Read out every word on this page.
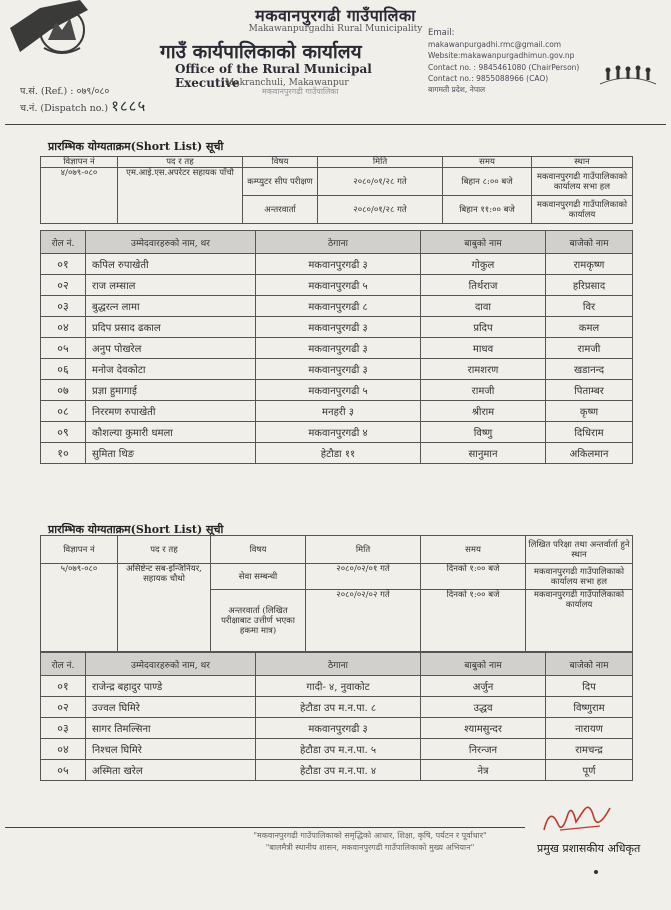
मकवानपुरगढी गाउँपालिका
Makawanpurgadhi Rural Municipality
गाउँ कार्यपालिकाको कार्यालय
Office of the Rural Municipal Executive
Makranchuli, Makawanpur
मकवानपुरगढी गाउँपालिका
Email:
makawanpurgadhi.rmc@gmail.com
Website:makawanpurgadhimun.gov.np
Contact no. : 9845461080 (ChairPerson)
Contact no.: 9855088966 (CAO)
बागमती प्रदेश, नेपाल
प.सं. (Ref.) : ०७९/०८०
च.नं. (Dispatch no.) १८८५
प्रारम्भिक योग्यताक्रम(Short List) सूची
विज्ञापन नं	पद र तह	विषय	मिति	समय	स्थान
४/०७९-०८०	एम.आई.एस.अपरेटर सहायक पाँचौ	कम्प्युटर सीप परीक्षण	२०८०/०१/२८ गते	बिहान ८:०० बजे	मकवानपुरगढी गाउँपालिकाको कार्यालय सभा हल
		अन्तरवार्ता	२०८०/०१/२८ गते	बिहान ११:०० बजे	मकवानपुरगढी गाउँपालिकाको कार्यालय
रोल नं.	उम्मेदवारहरुको नाम, थर	ठेगाना	बाबुको नाम	बाजेको नाम
०१	कपिल रुपाखेती	मकवानपुरगढी ३	गोकुल	रामकृष्ण
०२	राज लम्साल	मकवानपुरगढी ५	तिर्थराज	हरिप्रसाद
०३	बुद्धरत्न लामा	मकवानपुरगढी ८	दावा	विर
०४	प्रदिप प्रसाद ढकाल	मकवानपुरगढी ३	प्रदिप	कमल
०५	अनुप पोखरेल	मकवानपुरगढी ३	माधव	रामजी
०६	मनोज देवकोटा	मकवानपुरगढी ३	रामशरण	खडानन्द
०७	प्रज्ञा हुमागाई	मकवानपुरगढी ५	रामजी	पिताम्बर
०८	निररमण रुपाखेती	मनहरी ३	श्रीराम	कृष्ण
०९	कौशल्या कुमारी धमला	मकवानपुरगढी ४	विष्णु	दिधिराम
१०	सुमिता थिङ	हेटौडा ११	सानुमान	अकिलमान
प्रारम्भिक योग्यताक्रम(Short List) सूची
विज्ञापन नं	पद र तह	विषय	मिति	समय	लिखित परिक्षा तथा अन्तर्वार्ता हुने स्थान
५/०७९-०८०	असिष्टेन्ट सब-इन्जिनियर, सहायक चौथो	सेवा सम्बन्धी	२०८०/०२/०१ गते	दिनको १:०० बजे	मकवानपुरगढी गाउँपालिकाको कार्यालय सभा हल
		अन्तरवार्ता (लिखित परीक्षाबाट उत्तीर्ण भएका हकमा मात्र)	२०८०/०२/०२ गते	दिनको १:०० बजे	मकवानपुरगढी गाउँपालिकाको कार्यालय
रोल नं.	उम्मेदवारहरुको नाम, थर	ठेगाना	बाबुको नाम	बाजेको नाम
०१	राजेन्द्र बहादुर पाण्डे	गादी- ४, नुवाकोट	अर्जुन	दिप
०२	उज्वल घिमिरे	हेटौडा उप म.न.पा. ८	उद्धव	विष्णुराम
०३	सागर तिमल्सिना	मकवानपुरगढी ३	श्यामसुन्दर	नारायण
०४	निश्चल घिमिरे	हेटौडा उप म.न.पा. ५	निरन्जन	रामचन्द्र
०५	अस्मिता खरेल	हेटौडा उप म.न.पा. ४	नेत्र	पूर्ण
"मकवानपुरगढी गाउँपालिकाको समृद्धिको आधार, शिक्षा, कृषि, पर्यटन र पूर्वाधार"
"बालमैत्री स्थानीय शासन, मकवानपुरगढी गाउँपालिकाको मुख्य अभियान"	प्रमुख प्रशासकीय अधिकृत
